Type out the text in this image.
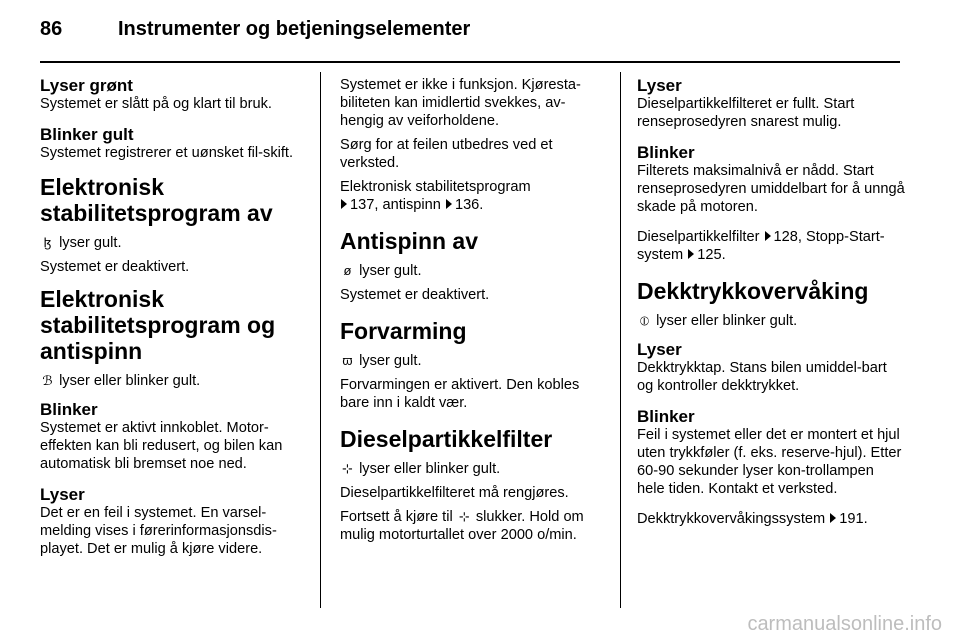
86	Instrumenter og betjeningselementer
Lyser grønt

Systemet er slått på og klart til bruk.

Blinker gult

Systemet registrerer et uønsket fil-skift.

Elektronisk
stabilitetsprogram av

ɮ lyser gult.

Systemet er deaktivert.

Elektronisk
stabilitetsprogram og
antispinn

ℬ lyser eller blinker gult.

Blinker

Systemet er aktivt innkoblet. Motor-effekten kan bli redusert, og bilen kan automatisk bli bremset noe ned.

Lyser

Det er en feil i systemet. En varsel-melding vises i førerinformasjonsdis-playet. Det er mulig å kjøre videre.

Systemet er ikke i funksjon. Kjøresta-biliteten kan imidlertid svekkes, av-hengig av veiforholdene.

Sørg for at feilen utbedres ved et verksted.

Elektronisk stabilitetsprogram
137, antispinn 136.

Antispinn av

ø lyser gult.

Systemet er deaktivert.

Forvarming

ϖ lyser gult.

Forvarmingen er aktivert. Den kobles bare inn i kaldt vær.

Dieselpartikkelfilter

⊹ lyser eller blinker gult.

Dieselpartikkelfilteret må rengjøres.

Fortsett å kjøre til ⊹ slukker. Hold om mulig motorturtallet over 2000 o/min.

Lyser

Dieselpartikkelfilteret er fullt. Start renseprosedyren snarest mulig.

Blinker

Filterets maksimalnivå er nådd. Start renseprosedyren umiddelbart for å unngå skade på motoren.

Dieselpartikkelfilter 128, Stopp-Start-system 125.

Dekktrykkovervåking

⦶ lyser eller blinker gult.

Lyser

Dekktrykktap. Stans bilen umiddel-bart og kontroller dekktrykket.

Blinker

Feil i systemet eller det er montert et hjul uten trykkføler (f. eks. reserve-hjul). Etter 60-90 sekunder lyser kon-trollampen hele tiden. Kontakt et verksted.

Dekktrykkovervåkingssystem 191.

carmanualsonline.info
